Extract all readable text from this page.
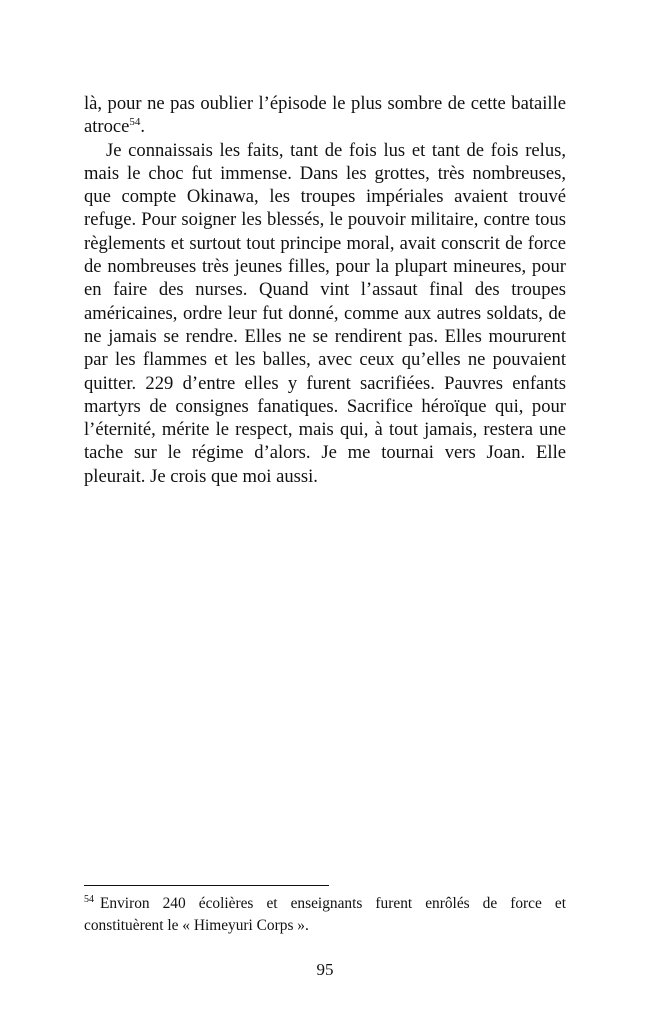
là, pour ne pas oublier l’épisode le plus sombre de cette bataille atroce$^{54}$.

Je connaissais les faits, tant de fois lus et tant de fois relus, mais le choc fut immense. Dans les grottes, très nombreuses, que compte Okinawa, les troupes impériales avaient trouvé refuge. Pour soigner les blessés, le pouvoir militaire, contre tous règlements et surtout tout principe moral, avait conscrit de force de nombreuses très jeunes filles, pour la plupart mineures, pour en faire des nurses. Quand vint l’assaut final des troupes américaines, ordre leur fut donné, comme aux autres soldats, de ne jamais se rendre. Elles ne se rendirent pas. Elles moururent par les flammes et les balles, avec ceux qu’elles ne pouvaient quitter. 229 d’entre elles y furent sacrifiées. Pauvres enfants martyrs de consignes fanatiques. Sacrifice héroïque qui, pour l’éternité, mérite le respect, mais qui, à tout jamais, restera une tache sur le régime d’alors. Je me tournai vers Joan. Elle pleurait. Je crois que moi aussi.

$^{54}$ Environ 240 écolières et enseignants furent enrôlés de force et constituèrent le « Himeyuri Corps ».

95
